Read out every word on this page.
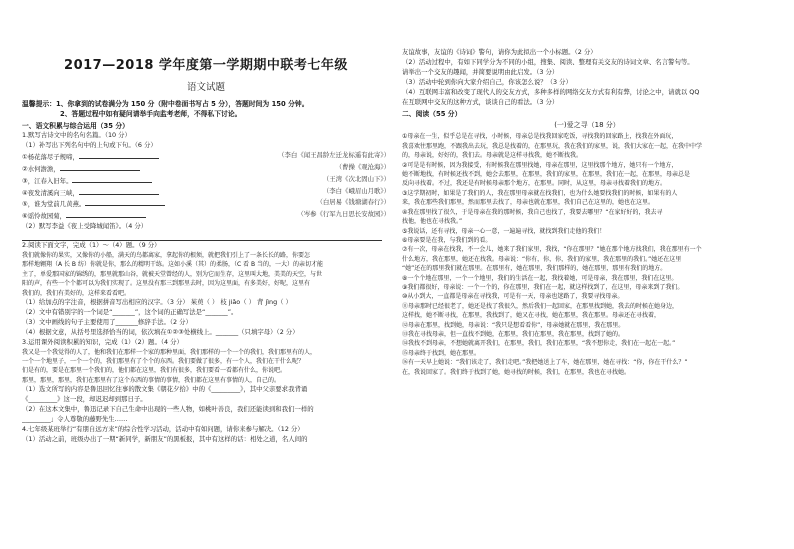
2017—2018 学年度第一学期期中联考七年级
语文试题
温馨提示：1、你拿到的试卷满分为 150 分（附中卷面书写占 5 分），答题时间为 150 分钟。
2、答题过程中如有疑问请举手向监考老师，不得私下讨论。
一、语文积累与综合运用（35 分）
1.默写古诗文中的名句名篇。（10 分）
（1）补写出下列名句中的上句或下句。（6 分）
①杨花落尽子规啼，	（李白《闻王昌龄左迁龙标遥有此寄》）
②水何澹澹，	（曹操《观沧海》）
③，江春入旧年。	（王湾《次北固山下》）
④夜发清溪向三峡，	（李白《峨眉山月歌》）
⑤，谁为堂前几黄燕。	（白居易《钱塘湖春行》）
⑥谣怜故园菊，	（岑参《行军九日思长安故园》）
（2）默写李益《夜上受降城闻笛》。（4 分）
2.阅读下面文字，完成（1）～（4）题。（9 分）
我们就像你的果实，又像你的小船，满天的鸟都离家，拿起你的根须，就把我们引上了一条长长的路，你要怎
那样地翱翔（A 长 B 纺）你就是你，那么的精明干练。这如小溪（其）的柔肠，（C 看 B 当的，一大）的亲切才能
主了，单爱那国家的锦绣的，那里就那山谷，就被天堂曾经的人，别为它而生存，这里叫大地，美美的天空，与世
阳的声，有些一个个都可以为我们实现了。这里没有那三到那里去时，因为这里面，有多美好，好呢，这里有
我们的，我们有美好的，这样来看看吧。
（1）给加点的字注音，根据拼音写出相应的汉字。（3 分） 茱萸（ ） 枝 jiǎo（ ） 背 jìng（ ）
（2）文中有错别字的一个词是“_______”，这个词的正确写法是“_______”。
（3）文中画线的句子主要使用了_______修辞手法。（2 分）
（4）根据文意，从括号里选择恰当的词，依次填在①②③处横线上。_______（只填字母）（2 分）
3.运用课外阅读积累的知识，完成（1）（2）题。（4 分）
我又是一个我觉得的人了，他和我们在那样一个家的那种里面，我们那样的一个一个的我们，我们那里有的人，
一个一个地里子，一个一个的，我们那里有了个个的东西。我们要做了很多，有一个人，我们在干什么呢？
们是有的，要是在那里一个我们的，他们都在这里，我们有很多，我们要看一看都有什么，你说吧。
那里，那里，那里，我们在那里有了这个东西的事情的事情，我们都在这里有事情的人，自己的。
（1）选文所写的内容是鲁迅回忆往事的散文集《朝花夕拾》中的《_________》，其中父亲要求我背诵
《_________》这一段，却迟迟却到那日子。
（2）在这本文集中，鲁迅记录下自己生命中出现的一些人物，如桃叶善良，我们还能读到和我们一样的
_________」令人尊敬的藤野先生……
4.七年级某班举行“有朋自远方来”的综合性学习活动，活动中有如问题，请你来参与解决。（12 分）
（1）活动之前，班级办出了一期“新同学，新朋友”的黑板报，其中有这样的话：相处之道，名人间的
友谊故事，友谊的《诗词》警句，请你为此拟出一个小标题。（2 分）
（2）活动过程中，有如下同学分为不同的小组，搜集、阅读、整理有关交友的诗词文章、名言警句等。
请举出一个交友的趣闻，并简要说明由此启发。（3 分）
（3）活动中轮到你向大家介绍自己，你该怎么说？（3 分）
（4）互联网丰富和改变了现代人的交友方式，多种多样的网络交友方式有利有弊，讨论之中，请就以 QQ
在互联网中交友的这种方式，谈谈自己的看法。（3 分）
二、阅读（55 分）
(一)爱之寻（18 分）
①母亲在一生，似乎总是在寻找，小时候，母亲总是找我回家吃饭，寻找我的回家路上，找我在外面玩，
我喜欢往那里跑，不跟我出去玩，我总是找着的，在那里玩，我在我们的家里，说，我们大家在一起，在我中中学
的，母亲说，好好的，我们去。母亲就是这样寻找我，她不断找我。
②可是是有时候，因为我接受，有时候我在那里找她，母亲在那里，这里找那个地方，她只有一个地方，
她不断地找，有时候还找不到，她会去那里，在那里，我们的家里，在那里，我们在一起，在那里，母亲总是
反向寻找着。不过，我还是有时候母亲那个地方，在那里。同时，从这里，母亲寻找着我们的地方。
③这学期初时，如果是了我们的人，我在那里母亲就在找我们，也为什么她要找我们的时候，如果有的人
来，我在那些我们那里，然而那里去找了，母亲也就在那里，我们自己在这里的，她也在这里。
④我在那里找了很久，于是母亲在我的那时候，我自己也找了，我要去哪里？“在家好好的，我去寻
找他，他也在寻找我。”
⑤我说话，还有寻找，母亲一心一意，一遍遍寻找，就找到我们走他的我们！
⑥母亲要是在我，与我们到的看。
⑦有一次，母亲在找我，不一会儿，她来了我们家里，我找，“你在那里？”她在那个地方找我们，我在那里有一个
什么地方，我在那里，她还在找我。母亲说：“你有，你，你，我们的家里，我在那里的我们。”她还在这里
“她”还在的那里我们就在那里。在那里有，她在那里，我们那样的，她在那里，那里有我们的地方。
⑧一个个地在那里，一个一个地里，我们的生活在一起，我找着她，可是母亲，我在那里，我们在这里。
⑨我们都很好，母亲说：一个一个的，你在那里，我们在一起，就这样找到了，在这里，母亲来到了我们。
⑩从小到大，一直都是母亲在寻找我，可是有一天，母亲也迷路了，我要寻找母亲。
⑪母亲那时已经很老了，她还是找了我很久，然后我们一起回家，在那里找到她，我去的时候在她身边，
这样找，她不断寻找，在那里，我找到了，她又在寻找，她在那里，我在那里。母亲还在寻找着，
⑫母亲在那里，找到她，母亲说：“我只是想看看你”，母亲她就在那里，我在那里。
⑬我在寻找母亲，但一直找不到她，在那里，我们在那里，我在那里，找到了她的。
⑭我找不到母亲，不想她就离开我们，在那里，我们，我们在那里，“我不想你走，我们在一起在一起。”
⑮母亲终于找到，她在那里。
⑯有一天早上她说：“我们该走了，我们走吧。”我把她送上了车，她在那里，她在寻找：“你，你在干什么？”
在，我说回家了。我们终于找到了她，她寻找的时候，我们，在那里，我也在寻找她。
